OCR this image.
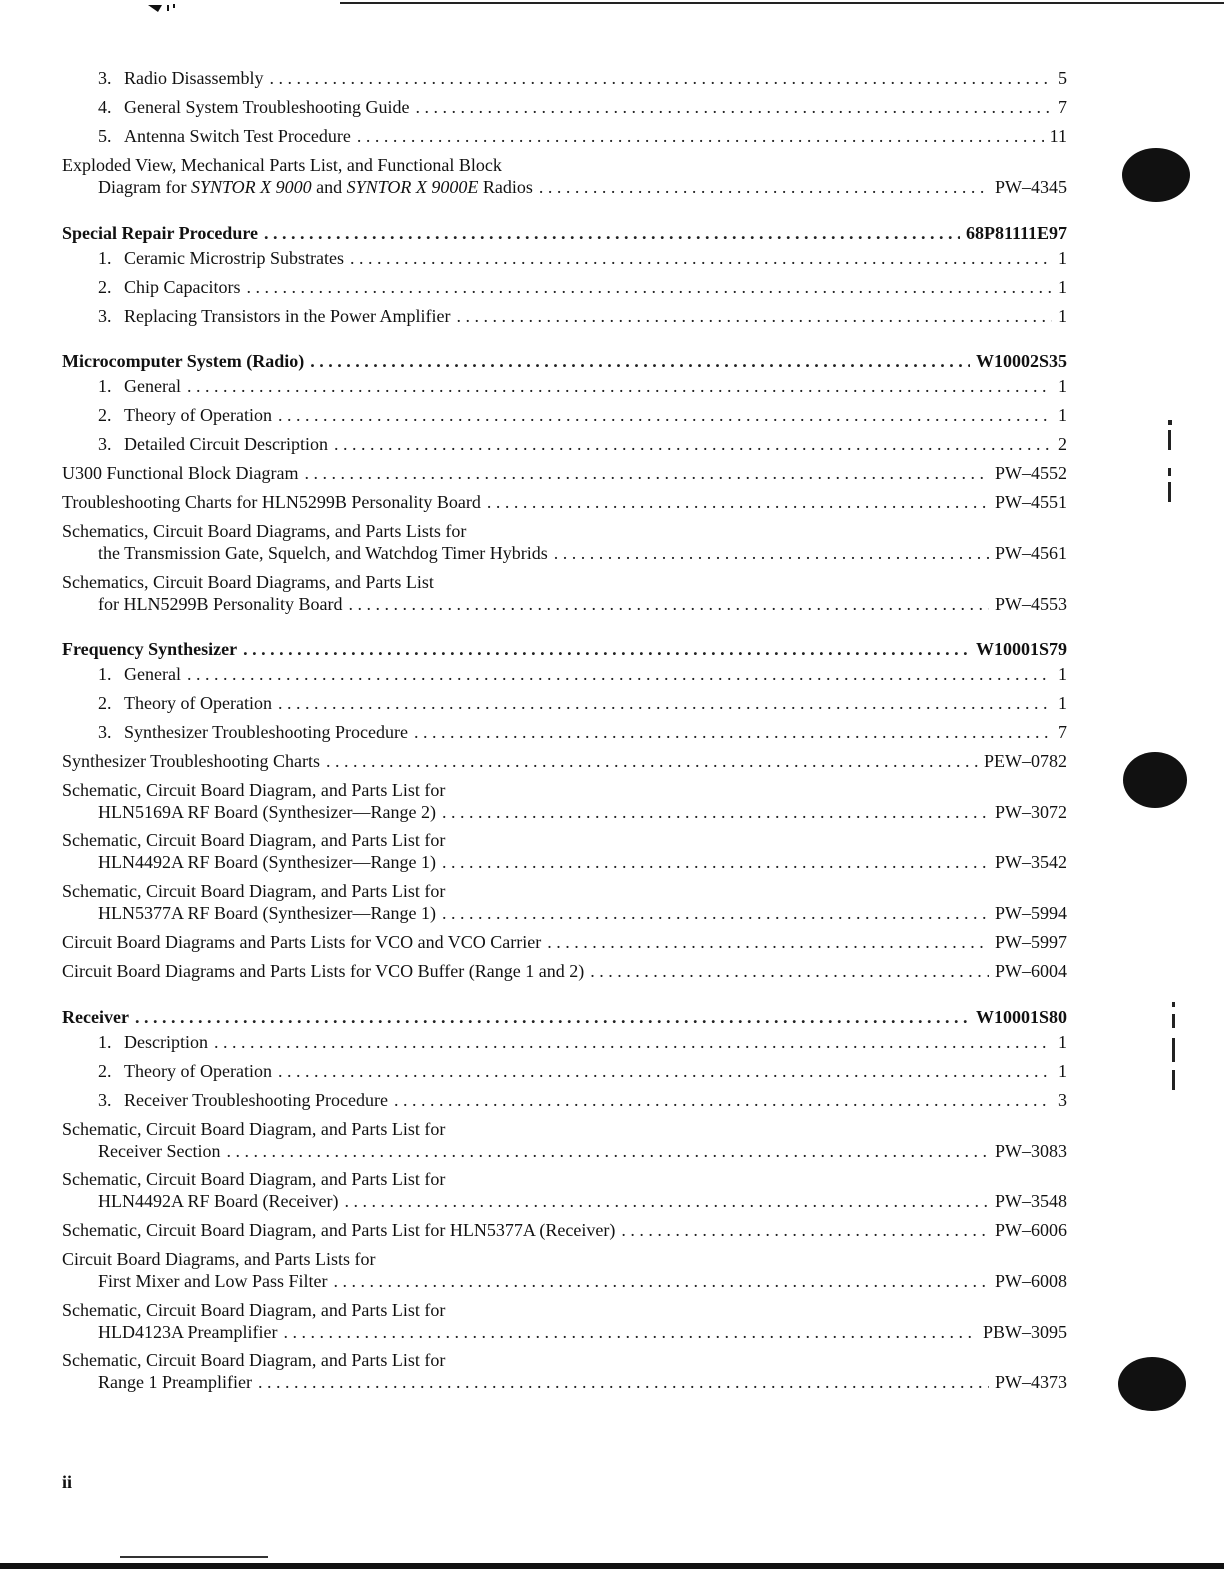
3. Radio Disassembly . . .	5
4. General System Troubleshooting Guide . . .	7
5. Antenna Switch Test Procedure . . .	11
Exploded View, Mechanical Parts List, and Functional Block
Diagram for SYNTOR X 9000 and SYNTOR X 9000E Radios . . .	PW–4345
Special Repair Procedure . . .	68P81111E97
1. Ceramic Microstrip Substrates . . .	1
2. Chip Capacitors . . .	1
3. Replacing Transistors in the Power Amplifier . . .	1
Microcomputer System (Radio) . . .	W10002S35
1. General . . .	1
2. Theory of Operation . . .	1
3. Detailed Circuit Description . . .	2
U300 Functional Block Diagram . . .	PW–4552
Troubleshooting Charts for HLN5299B Personality Board . . .	PW–4551
Schematics, Circuit Board Diagrams, and Parts Lists for
the Transmission Gate, Squelch, and Watchdog Timer Hybrids . . .	PW–4561
Schematics, Circuit Board Diagrams, and Parts List
for HLN5299B Personality Board . . .	PW–4553
Frequency Synthesizer . . .	W10001S79
1. General . . .	1
2. Theory of Operation . . .	1
3. Synthesizer Troubleshooting Procedure . . .	7
Synthesizer Troubleshooting Charts . . .	PEW–0782
Schematic, Circuit Board Diagram, and Parts List for
HLN5169A RF Board (Synthesizer—Range 2) . . .	PW–3072
Schematic, Circuit Board Diagram, and Parts List for
HLN4492A RF Board (Synthesizer—Range 1) . . .	PW–3542
Schematic, Circuit Board Diagram, and Parts List for
HLN5377A RF Board (Synthesizer—Range 1) . . .	PW–5994
Circuit Board Diagrams and Parts Lists for VCO and VCO Carrier . . .	PW–5997
Circuit Board Diagrams and Parts Lists for VCO Buffer (Range 1 and 2) . . .	PW–6004
Receiver . . .	W10001S80
1. Description . . .	1
2. Theory of Operation . . .	1
3. Receiver Troubleshooting Procedure . . .	3
Schematic, Circuit Board Diagram, and Parts List for
Receiver Section . . .	PW–3083
Schematic, Circuit Board Diagram, and Parts List for
HLN4492A RF Board (Receiver) . . .	PW–3548
Schematic, Circuit Board Diagram, and Parts List for HLN5377A (Receiver) . . .	PW–6006
Circuit Board Diagrams, and Parts Lists for
First Mixer and Low Pass Filter . . .	PW–6008
Schematic, Circuit Board Diagram, and Parts List for
HLD4123A Preamplifier . . .	PBW–3095
Schematic, Circuit Board Diagram, and Parts List for
Range 1 Preamplifier . . .	PW–4373
ii
